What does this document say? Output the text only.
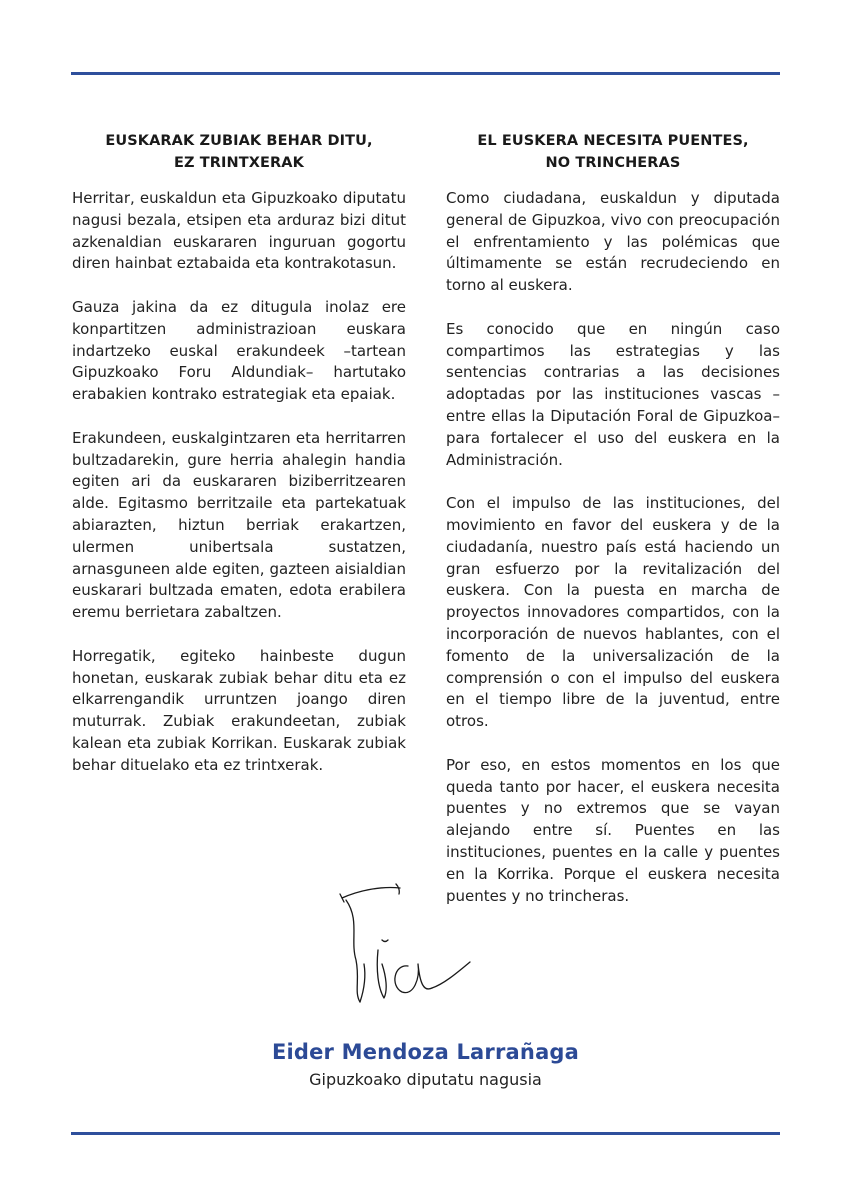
EUSKARAK ZUBIAK BEHAR DITU,
EZ TRINTXERAK

Herritar, euskaldun eta Gipuzkoako diputatu nagusi bezala, etsipen eta arduraz bizi ditut azkenaldian euskararen inguruan gogortu diren hainbat eztabaida eta kontrakotasun.

Gauza jakina da ez ditugula inolaz ere konpartitzen administrazioan euskara indartzeko euskal erakundeek –tartean Gipuzkoako Foru Aldundiak– hartutako erabakien kontrako estrategiak eta epaiak.

Erakundeen, euskalgintzaren eta herritarren bultzadarekin, gure herria ahalegin handia egiten ari da euskararen biziberritzearen alde. Egitasmo berritzaile eta partekatuak abiarazten, hiztun berriak erakartzen, ulermen unibertsala sustatzen, arnasguneen alde egiten, gazteen aisialdian euskarari bultzada ematen, edota erabilera eremu berrietara zabaltzen.

Horregatik, egiteko hainbeste dugun honetan, euskarak zubiak behar ditu eta ez elkarrengandik urruntzen joango diren muturrak. Zubiak erakundeetan, zubiak kalean eta zubiak Korrikan. Euskarak zubiak behar dituelako eta ez trintxerak.

EL EUSKERA NECESITA PUENTES,
NO TRINCHERAS

Como ciudadana, euskaldun y diputada general de Gipuzkoa, vivo con preocupación el enfrentamiento y las polémicas que últimamente se están recrudeciendo en torno al euskera.

Es conocido que en ningún caso compartimos las estrategias y las sentencias contrarias a las decisiones adoptadas por las instituciones vascas –entre ellas la Diputación Foral de Gipuzkoa– para fortalecer el uso del euskera en la Administración.

Con el impulso de las instituciones, del movimiento en favor del euskera y de la ciudadanía, nuestro país está haciendo un gran esfuerzo por la revitalización del euskera. Con la puesta en marcha de proyectos innovadores compartidos, con la incorporación de nuevos hablantes, con el fomento de la universalización de la comprensión o con el impulso del euskera en el tiempo libre de la juventud, entre otros.

Por eso, en estos momentos en los que queda tanto por hacer, el euskera necesita puentes y no extremos que se vayan alejando entre sí. Puentes en las instituciones, puentes en la calle y puentes en la Korrika. Porque el euskera necesita puentes y no trincheras.

Eider Mendoza Larrañaga
Gipuzkoako diputatu nagusia
